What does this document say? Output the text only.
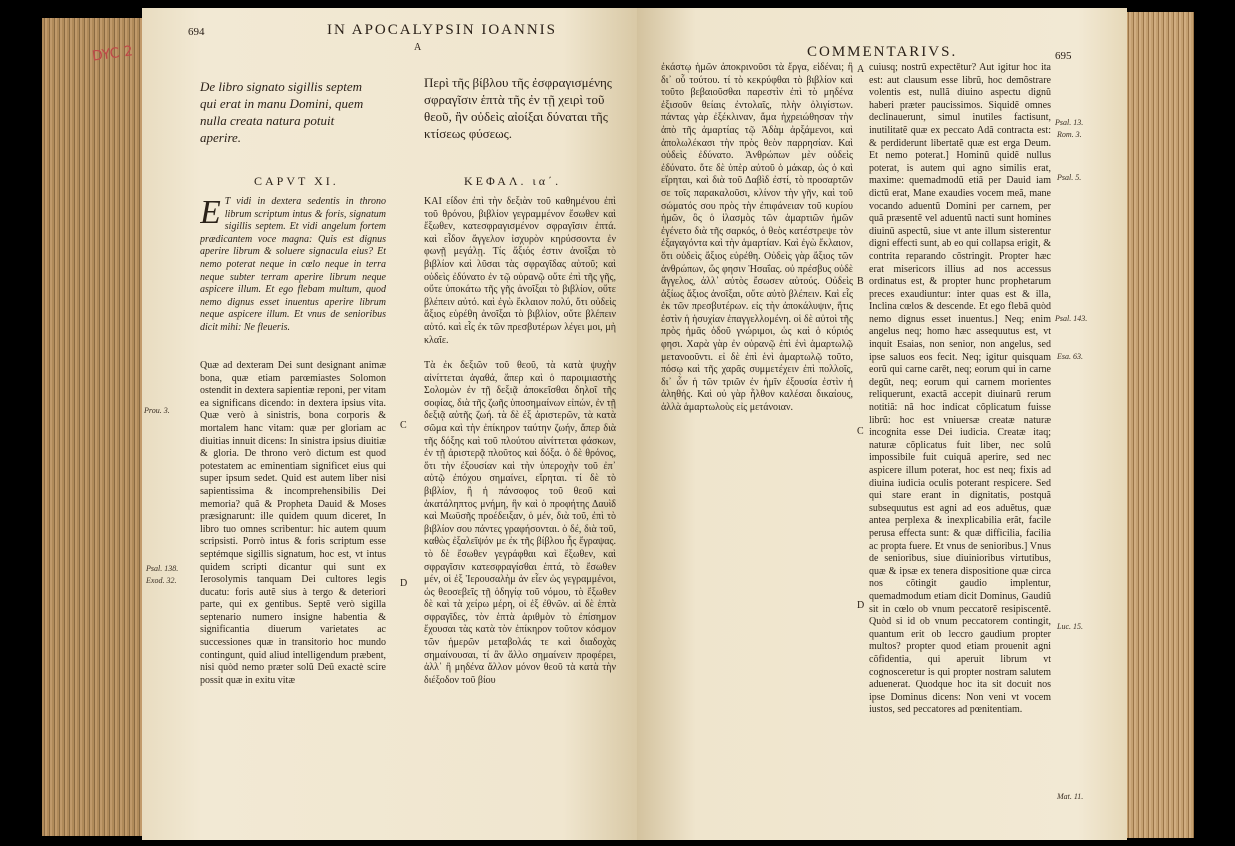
694	IN APOCALYPSIN IOANNIS
A
De libro signato sigillis septem qui erat in manu Domini, quem nulla creata natura potuit aperire.
Περὶ τῆς βίβλου τῆς ἐσφραγισμένης σφραγῖσιν ἑπτὰ τῆς ἐν τῇ χειρὶ τοῦ θεοῦ, ἣν οὐδεὶς αἰοίξαι δύναται τῆς κτίσεως φύσεως.
CAPVT XI.	ΚΕΦΑΛ. ια΄.

E T vidi in dextera sedentis in throno librum scriptum intus & foris, signatum sigillis septem. Et vidi angelum fortem prædicantem voce magna: Quis est dignus aperire librum & soluere signacula eius? Et nemo poterat neque in cœlo neque in terra neque subter terram aperire librum neque aspicere illum. Et ego flebam multum, quod nemo dignus esset inuentus aperire librum neque aspicere illum. Et vnus de senioribus dicit mihi: Ne fleueris.

ΚΑΙ εἶδον ἐπὶ τὴν δεξιὰν τοῦ καθημένου ἐπὶ τοῦ θρόνου, βιβλίον γεγραμμένον ἔσωθεν καὶ ἔξωθεν, κατεσφραγισμένον σφραγῖσιν ἑπτά. καὶ εἶδον ἄγγελον ἰσχυρὸν κηρύσσοντα ἐν φωνῇ μεγάλῃ. Τίς ἄξιός ἐστιν ἀνοῖξαι τὸ βιβλίον καὶ λῦσαι τὰς σφραγῖδας αὐτοῦ; καὶ οὐδεὶς ἐδύνατο ἐν τῷ οὐρανῷ οὔτε ἐπὶ τῆς γῆς, οὔτε ὑποκάτω τῆς γῆς ἀνοῖξαι τὸ βιβλίον, οὔτε βλέπειν αὐτό. καὶ ἐγὼ ἔκλαιον πολύ, ὅτι οὐδεὶς ἄξιος εὑρέθη ἀνοῖξαι τὸ βιβλίον, οὔτε βλέπειν αὐτό. καὶ εἷς ἐκ τῶν πρεσβυτέρων λέγει μοι, μὴ κλαῖε.
Quæ ad dexteram Dei sunt designant animæ bona, quæ etiam parœmiastes Solomon ostendit in dextera sapientiæ reponi, per vitam ea significans dicendo: in dextera ipsius vita. Quæ verò à sinistris, bona corporis & mortalem hanc vitam: quæ per gloriam ac diuitias innuit dicens: In sinistra ipsius diuitiæ & gloria. De throno verò dictum est quod potestatem ac eminentiam significet eius qui super ipsum sedet. Quid est autem liber nisi sapientissima & incomprehensibilis Dei memoria? quã & Propheta Dauid & Moses præsignarunt: ille quidem quum diceret, In libro tuo omnes scribentur: hic autem quum scripsisti. Porrò intus & foris scriptum esse septémque sigillis signatum, hoc est, vt intus quidem scripti dicantur qui sunt ex Ierosolymis tanquam Dei cultores legis ducatu: foris autẽ sius à tergo & deteriori parte, qui ex gentibus. Septẽ verò sigilla septenario numero insigne habentia & significantia diuerum varietates ac successiones quæ in transitorio hoc mundo contingunt, quid aliud intelligendum præbent, nisi quòd nemo præter solũ Deũ exactè scire possit quæ in exitu vitæ
Τὰ ἐκ δεξιῶν τοῦ θεοῦ, τὰ κατὰ ψυχὴν αἰνίττεται ἀγαθά, ἅπερ καὶ ὁ παροιμιαστὴς Σολομὼν ἐν τῇ δεξιᾷ ἀποκεῖσθαι δηλοῖ τῆς σοφίας, διὰ τῆς ζωῆς ὑποσημαίνων εἰπών, ἐν τῇ δεξιᾷ αὐτῆς ζωή. τὰ δὲ ἐξ ἀριστερῶν, τὰ κατὰ σῶμα καὶ τὴν ἐπίκηρον ταύτην ζωήν, ἅπερ διὰ τῆς δόξης καὶ τοῦ πλούτου αἰνίττεται φάσκων, ἐν τῇ ἀριστερᾷ πλοῦτος καὶ δόξα. ὁ δὲ θρόνος, ὅτι τὴν ἐξουσίαν καὶ τὴν ὑπεροχὴν τοῦ ἐπ᾽ αὐτῷ ἐπόχου σημαίνει, εἴρηται. τί δὲ τὸ βιβλίον, ἢ ἡ πάνσοφος τοῦ θεοῦ καὶ ἀκατάληπτος μνήμη, ἣν καὶ ὁ προφήτης Δαυὶδ καὶ Μωϋσῆς προέδειξαν, ὁ μέν, διὰ τοῦ, ἐπὶ τὸ βιβλίον σου πάντες γραφήσονται. ὁ δέ, διὰ τοῦ, καθὼς ἐξαλεῖψόν με ἐκ τῆς βίβλου ἧς ἔγραψας. τὸ δὲ ἔσωθεν γεγράφθαι καὶ ἔξωθεν, καὶ σφραγῖσιν κατεσφραγίσθαι ἑπτά, τὸ ἔσωθεν μέν, οἱ ἐξ Ἱερουσαλὴμ ἀν εἶεν ὡς γεγραμμένοι, ὡς θεοσεβεῖς τῇ ὁδηγίᾳ τοῦ νόμου, τὸ ἔξωθεν δὲ καὶ τὰ χείρω μέρη, οἱ ἐξ ἐθνῶν. αἱ δὲ ἑπτὰ σφραγῖδες, τὸν ἑπτὰ ἀριθμὸν τὸ ἐπίσημον ἔχουσαι τὰς κατὰ τὸν ἐπίκηρον τοῦτον κόσμον τῶν ἡμερῶν μεταβολάς τε καὶ διαδοχὰς σημαίνουσαι, τί ἂν ἄλλο σημαίνειν προφέρει, ἀλλ᾽ ἢ μηδένα ἄλλον μόνον θεοῦ τὰ κατὰ τὴν διέξοδον τοῦ βίου
Prou. 3.
Psal. 138.
Exod. 32.
C
D
COMMENTARIVS.	695
ἐκάστῳ ἡμῶν ἀποκρινοῦσι τὰ ἔργα, εἰδέναι; ἢ δι᾽ οὗ τούτου. τί τὸ κεκρύφθαι τὸ βιβλίον καὶ τοῦτο βεβαιοῦσθαι παρεστὶν ἐπὶ τὸ μηδένα ἐξισοῦν θείαις ἐντολαῖς, πλὴν ὀλιγίστων. πάντας γὰρ ἐξέκλιναν, ἅμα ἠχρειώθησαν τὴν ἀπὸ τῆς ἁμαρτίας τῷ Ἀδὰμ ἀρξάμενοι, καὶ ἀπολωλέκασι τὴν πρὸς θεὸν παρρησίαν. Καὶ οὐδεὶς ἐδύνατο. Ἀνθρώπων μὲν οὐδεὶς ἐδύνατο. ὅτε δὲ ὑπὲρ αὐτοῦ ὁ μάκαρ, ὡς ὁ καὶ εἴρηται, καὶ διὰ τοῦ Δαβὶδ ἐστί, τὸ προσαρτῶν σε τοῖς παρακαλοῦσι, κλίνον τὴν γῆν, καὶ τοῦ σώματός σου πρὸς τὴν ἐπιφάνειαν τοῦ κυρίου ἡμῶν, ὃς ὁ ἱλασμὸς τῶν ἁμαρτιῶν ἡμῶν ἐγένετο διὰ τῆς σαρκός, ὁ θεὸς κατέστρεψε τὸν ἐξαγαγόντα καὶ τὴν ἁμαρτίαν. Καὶ ἐγὼ ἔκλαιον, ὅτι οὐδεὶς ἄξιος εὑρέθη. Οὐδεὶς γὰρ ἄξιος τῶν ἀνθρώπων, ὥς φησιν Ἡσαΐας. οὐ πρέσβυς οὐδὲ ἄγγελος, ἀλλ᾽ αὐτὸς ἔσωσεν αὐτούς. Οὐδεὶς ἀξίως ἄξιος ἀνοῖξαι, οὔτε αὐτὸ βλέπειν. Καὶ εἷς ἐκ τῶν πρεσβυτέρων. εἰς τὴν ἀποκάλυψιν, ἥτις ἐστὶν ἡ ἡσυχίαν ἐπαγγελλομένη. οἱ δὲ αὐτοὶ τῆς πρὸς ἡμᾶς ὁδοῦ γνώριμοι, ὡς καὶ ὁ κύριός φησι. Χαρὰ γὰρ ἐν οὐρανῷ ἐπὶ ἑνὶ ἁμαρτωλῷ μετανοοῦντι. εἰ δὲ ἐπὶ ἑνὶ ἁμαρτωλῷ τοῦτο, πόσῳ καὶ τῆς χαρᾶς συμμετέχειν ἐπὶ πολλοῖς, δι᾽ ὧν ἡ τῶν τριῶν ἐν ἡμῖν ἐξουσία ἐστὶν ἡ ἀληθής. Καὶ οὐ γὰρ ἦλθον καλέσαι δικαίους, ἀλλὰ ἁμαρτωλοὺς εἰς μετάνοιαν.
cuiusq; nostrũ expectētur? Aut igitur hoc ita est: aut clausum esse librũ, hoc demõstrare volentis est, nullã diuino aspectu dignũ haberi præter paucissimos. Siquidẽ omnes declinauerunt, simul inutiles factisunt, inutilitatẽ quæ ex peccato Adã contracta est: & perdiderunt libertatẽ quæ est erga Deum. Et nemo poterat.] Hominũ quidẽ nullus poterat, is autem qui agno similis erat, maxime: quemadmodũ etiã per Dauid iam dictũ erat, Mane exaudies vocem meã, mane vocando aduentũ Domini per carnem, per quã præsentẽ vel aduentũ nacti sunt homines diuinũ aspectũ, siue vt ante illum sisterentur digni effecti sunt, ab eo qui collapsa erigit, & contrita reparando cõstringit. Propter hæc erat misericors illius ad nos accessus ordinatus est, & propter hunc prophetarum preces exaudiuntur: inter quas est & illa, Inclina cœlos & descende. Et ego flebã quòd nemo dignus esset inuentus.] Neq; enim angelus neq; homo hæc assequutus est, vt inquit Esaias, non senior, non angelus, sed ipse saluos eos fecit. Neq; igitur quisquam eorũ qui carne carēt, neq; eorum qui in carne degũt, neq; eorum qui carnem morientes reliquerunt, exactã accepit diuinarũ rerum notitiã: nã hoc indicat cõplicatum fuisse librũ: hoc est vniuersæ creatæ naturæ incognita esse Dei iudicia. Creatæ itaq; naturæ cõplicatus fuit liber, nec solũ impossibile fuit cuiquã aperire, sed nec aspicere illum poterat, hoc est neq; fixis ad diuina iudicia oculis poterant respicere. Sed qui stare erant in dignitatis, postquã subsequutus est agni ad eos aduẽtus, quæ antea perplexa & inexplicabilia erãt, facile perusa effecta sunt: & quæ difficilia, facilia ac propta fuere. Et vnus de senioribus.] Vnus de senioribus, siue diuinioribus virtutibus, quæ & ipsæ ex tenera dispositione quæ circa nos cõtingit gaudio implentur, quemadmodum etiam dicit Dominus, Gaudiũ sit in cœlo ob vnum peccatorẽ resipiscentẽ. Quòd si id ob vnum peccatorem contingit, quantum erit ob leccro gaudium propter multos? propter quod etiam prouenit agni cõfidentia, qui aperuit librum vt cognosceretur is qui propter nostram salutem aduenerat. Quodque hoc ita sit docuit nos ipse Dominus dicens: Non veni vt vocem iustos, sed peccatores ad pœnitentiam.
A
B
C
D
Psal. 13.
Rom. 3.
Psal. 5.
Psal. 143.
Esa. 63.
Luc. 15.
Mat. 11.
DYC 2
